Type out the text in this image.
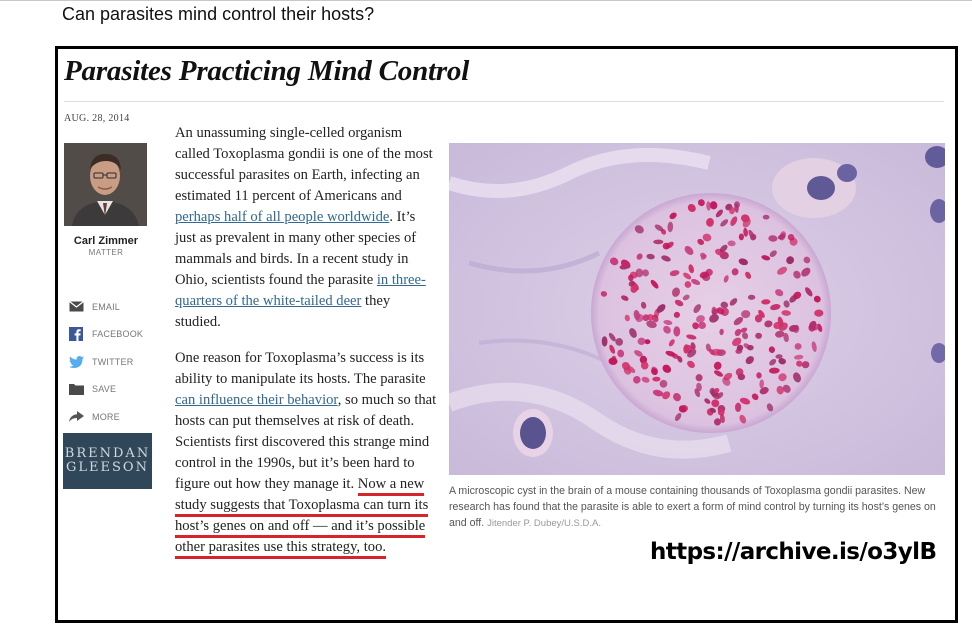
Can parasites mind control their hosts?
Parasites Practicing Mind Control
AUG. 28, 2014
Carl Zimmer
MATTER
EMAIL
FACEBOOK
TWITTER
SAVE
MORE
BRENDAN
GLEESON

An unassuming single-celled organism called Toxoplasma gondii is one of the most successful parasites on Earth, infecting an estimated 11 percent of Americans and perhaps half of all people worldwide. It’s just as prevalent in many other species of mammals and birds. In a recent study in Ohio, scientists found the parasite in three-quarters of the white-tailed deer they studied.

One reason for Toxoplasma’s success is its ability to manipulate its hosts. The parasite can influence their behavior, so much so that hosts can put themselves at risk of death. Scientists first discovered this strange mind control in the 1990s, but it’s been hard to figure out how they manage it. Now a new study suggests that Toxoplasma can turn its host’s genes on and off — and it’s possible other parasites use this strategy, too.

A microscopic cyst in the brain of a mouse containing thousands of Toxoplasma gondii parasites. New research has found that the parasite is able to exert a form of mind control by turning its host’s genes on and off. Jitender P. Dubey/U.S.D.A.
https://archive.is/o3ylB
